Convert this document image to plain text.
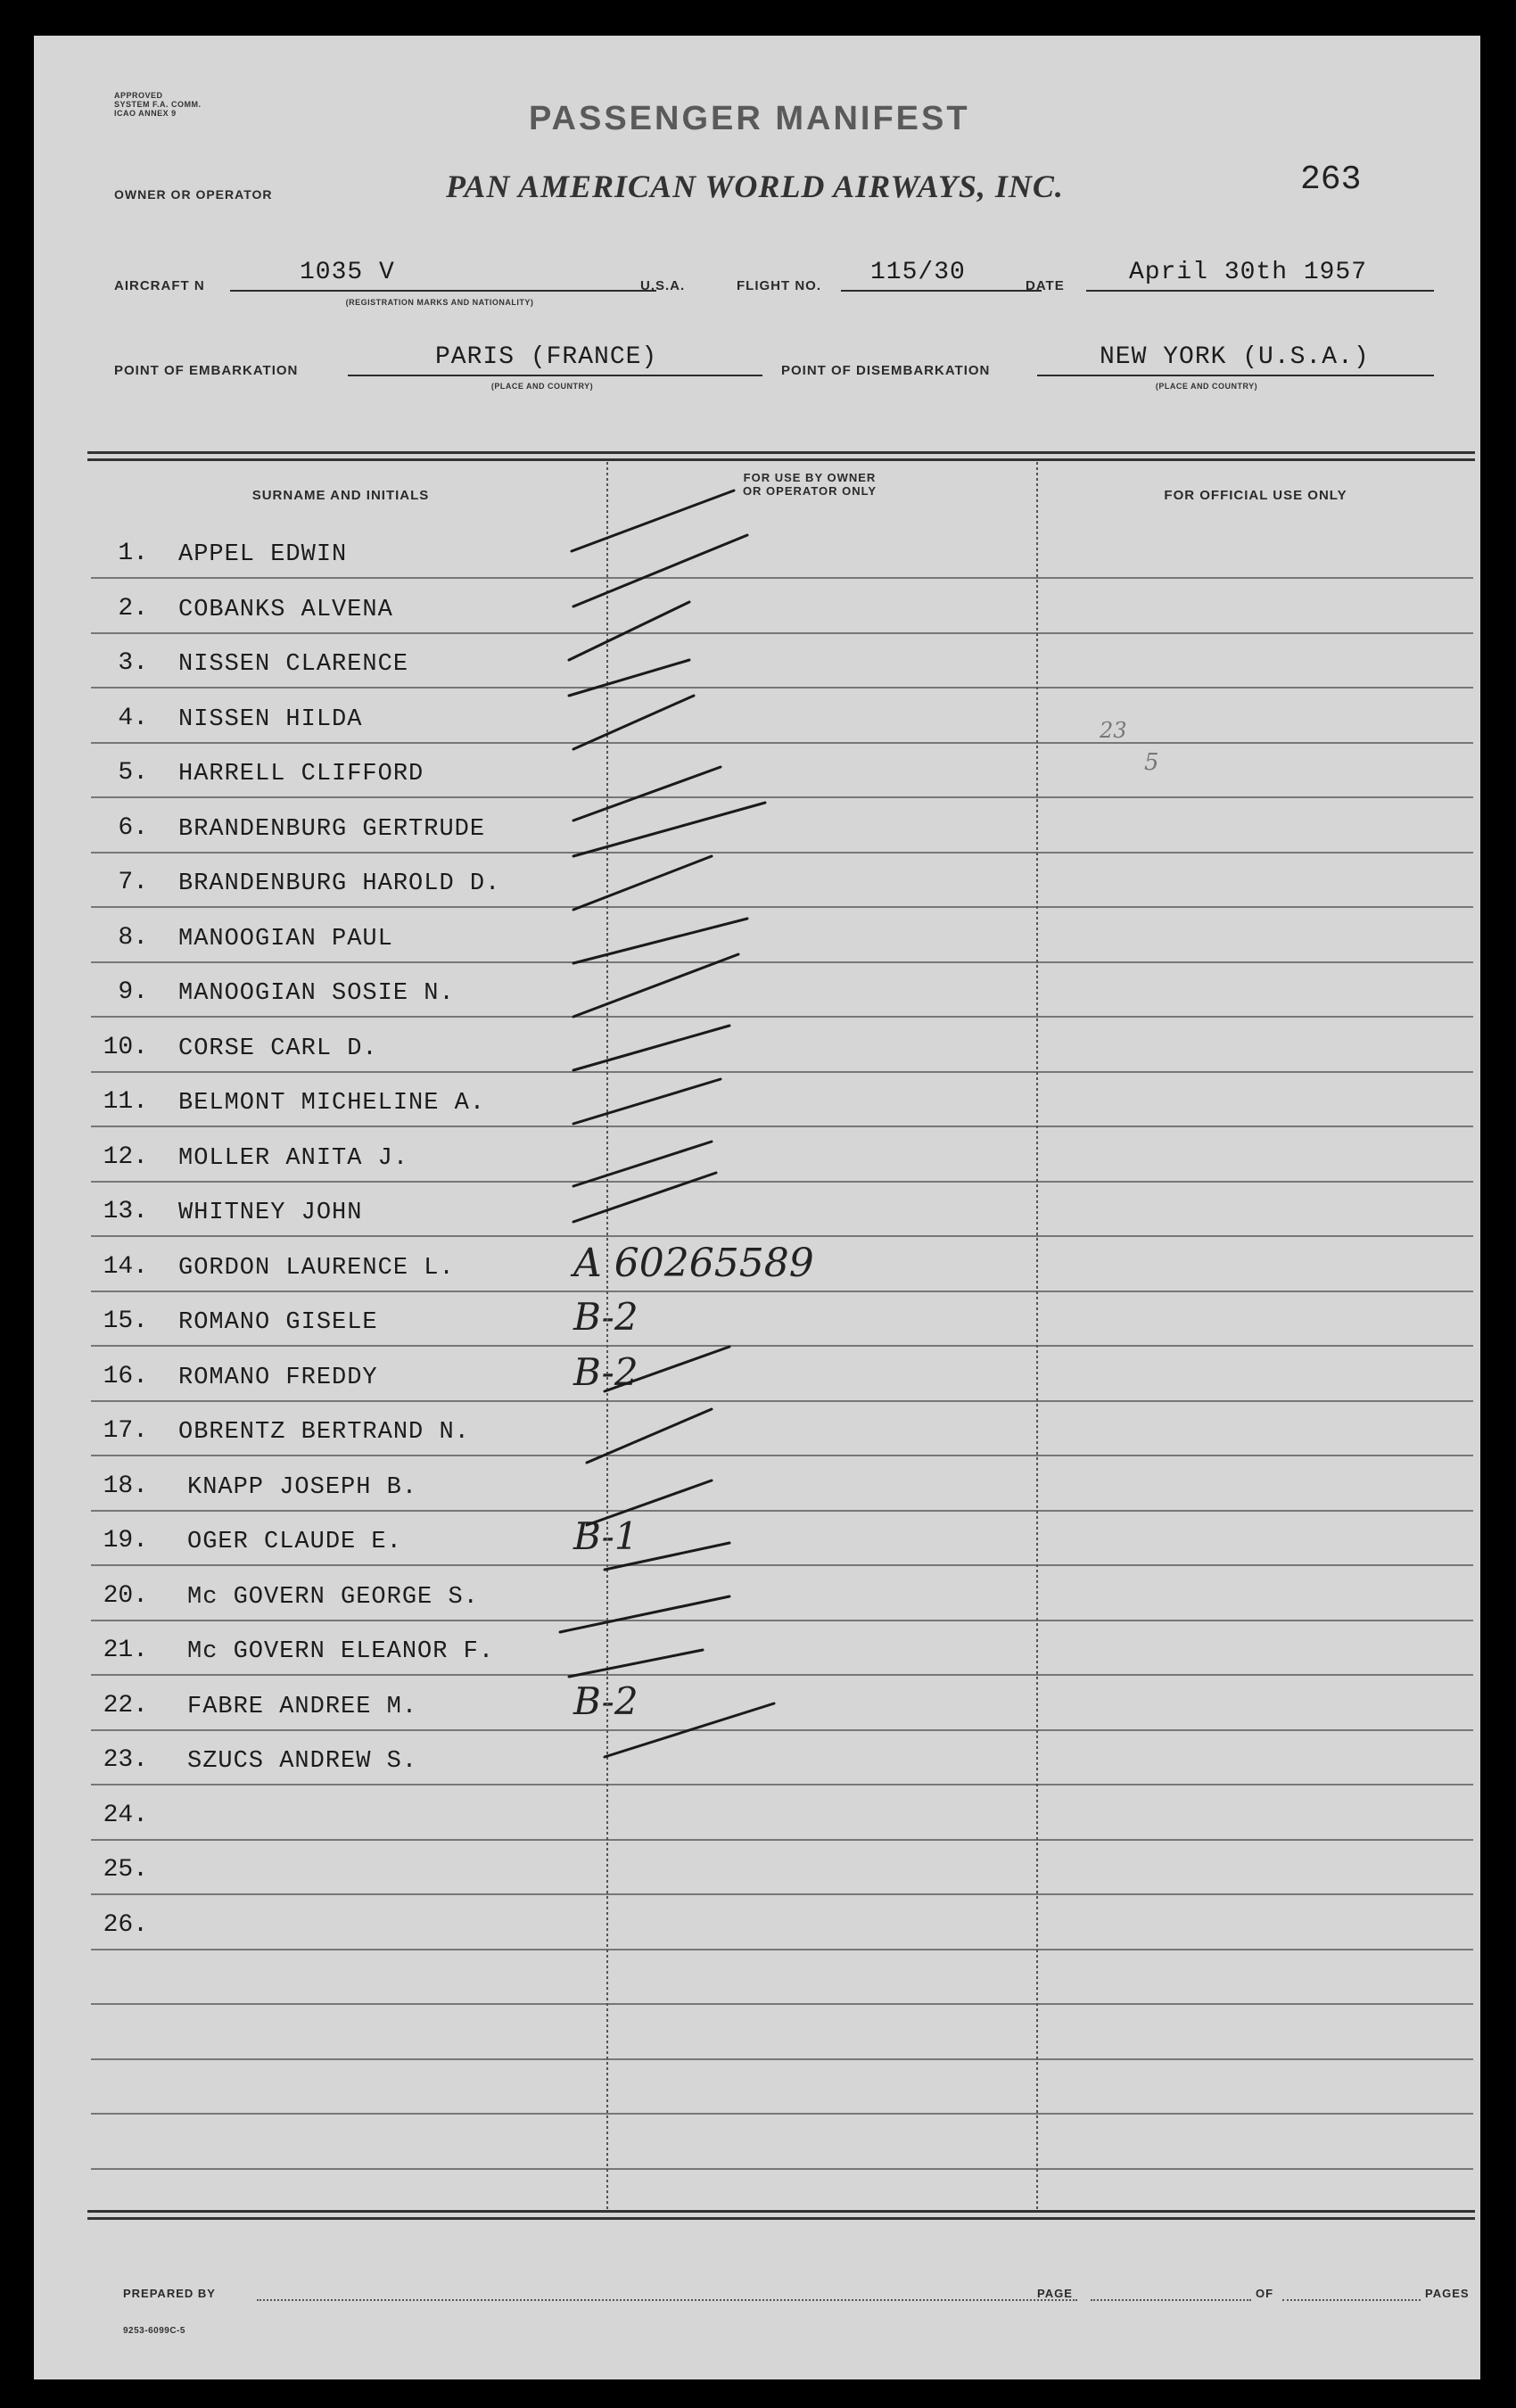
APPROVED
SYSTEM F.A. COMM.
ICAO ANNEX 9	PASSENGER MANIFEST
OWNER OR OPERATOR	PAN AMERICAN WORLD AIRWAYS, INC.	263
AIRCRAFT N	1035 V
(REGISTRATION MARKS AND NATIONALITY)
U.S.A.	FLIGHT NO. 115/30	DATE	April 30th 1957
POINT OF EMBARKATION	PARIS (FRANCE)
(PLACE AND COUNTRY)
POINT OF DISEMBARKATION	NEW YORK (U.S.A.)
(PLACE AND COUNTRY)
SURNAME AND INITIALS
FOR USE BY OWNER
OR OPERATOR ONLY	FOR OFFICIAL USE ONLY
1. APPEL EDWIN
2. COBANKS ALVENA
3. NISSEN CLARENCE
4. NISSEN HILDA
5. HARRELL CLIFFORD
6. BRANDENBURG GERTRUDE
7. BRANDENBURG HAROLD D.
8. MANOOGIAN PAUL
9. MANOOGIAN SOSIE N.
10. CORSE CARL D.
11. BELMONT MICHELINE A.
12. MOLLER ANITA J.
13. WHITNEY JOHN
14. GORDON LAURENCE L.	A 60265589
15. ROMANO GISELE	B-2
16. ROMANO FREDDY	B-2
17. OBRENTZ BERTRAND N.
18. KNAPP JOSEPH B.
19. OGER CLAUDE E.	B-1
20. Mc GOVERN GEORGE S.
21. Mc GOVERN ELEANOR F.
22. FABRE ANDREE M.	B-2
23. SZUCS ANDREW S.
24.
25.
26.
23
5
PREPARED BY	PAGE	OF	PAGES
9253-6099C-5
